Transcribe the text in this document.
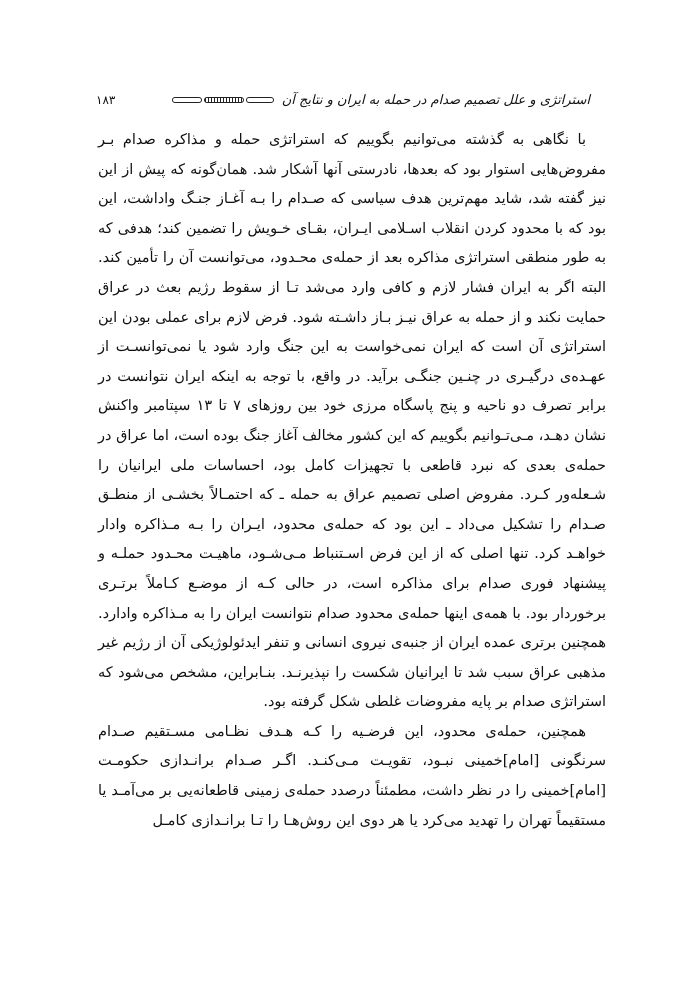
۱۸۳	استراتژی و علل تصمیم صدام در حمله به ایران و نتایج آن

با نگاهی به گذشته می‌توانیم بگوییم که استراتژی حمله و مذاکره صدام بـر مفروض‌هایی استوار بود که بعدها، نادرستی آنها آشکار شد. همان‌گونه که پیش از این نیز گفته شد، شاید مهم‌ترین هدف سیاسی که صـدام را بـه آغـاز جنـگ واداشت، این بود که با محدود کردن انقلاب اسـلامی ایـران، بقـای خـویش را تضمین کند؛ هدفی که به طور منطقی استراتژی مذاکره بعد از حمله‌ی محـدود، می‌توانست آن را تأمین کند. البته اگر به ایران فشار لازم و کافی وارد می‌شد تـا از سقوط رژیم بعث در عراق حمایت نکند و از حمله به عراق نیـز بـاز داشـته شود. فرض لازم برای عملی بودن این استراتژی آن است که ایران نمی‌خواست به این جنگ وارد شود یا نمی‌توانسـت از عهـده‌ی درگیـری در چنـین جنگـی برآید. در واقع، با توجه به اینکه ایران نتوانست در برابر تصرف دو ناحیه و پنج پاسگاه مرزی خود بین روزهای ۷ تا ۱۳ سپتامبر واکنش نشان دهـد، مـی‌تـوانیم بگوییم که این کشور مخالف آغاز جنگ بوده است، اما عراق در حمله‌ی بعدی که نبرد قاطعی با تجهیزات کامل بود، احساسات ملی ایرانیان را شـعله‌ور کـرد. مفروض اصلی تصمیم عراق به حمله ـ که احتمـالاً بخشـی از منطـق صـدام را تشکیل می‌داد ـ این بود که حمله‌ی محدود، ایـران را بـه مـذاکره وادار خواهـد کرد. تنها اصلی که از این فرض اسـتنباط مـی‌شـود، ماهیـت محـدود حملـه و پیشنهاد فوری صدام برای مذاکره است، در حالی کـه از موضـع کـاملاً برتـری برخوردار بود. با همه‌ی اینها حمله‌ی محدود صدام نتوانست ایران را به مـذاکره وادارد. همچنین برتری عمده ایران از جنبه‌ی نیروی انسانی و تنفر ایدئولوژیکی آن از رژیم غیر مذهبی عراق سبب شد تا ایرانیان شکست را نپذیرنـد. بنـابراین، مشخص می‌شود که استراتژی صدام بر پایه مفروضات غلطی شکل گرفته بود.

همچنین، حمله‌ی محدود، این فرضـیه را کـه هـدف نظـامی مسـتقیم صـدام سرنگونی [امام]خمینی نبـود، تقویـت مـی‌کنـد. اگـر صـدام برانـدازی حکومـت [امام]خمینی را در نظر داشت، مطمئناً درصدد حمله‌ی زمینی قاطعانه‌یی بر می‌آمـد یا مستقیماً تهران را تهدید می‌کرد یا هر دوی این روش‌هـا را تـا برانـدازی کامـل
